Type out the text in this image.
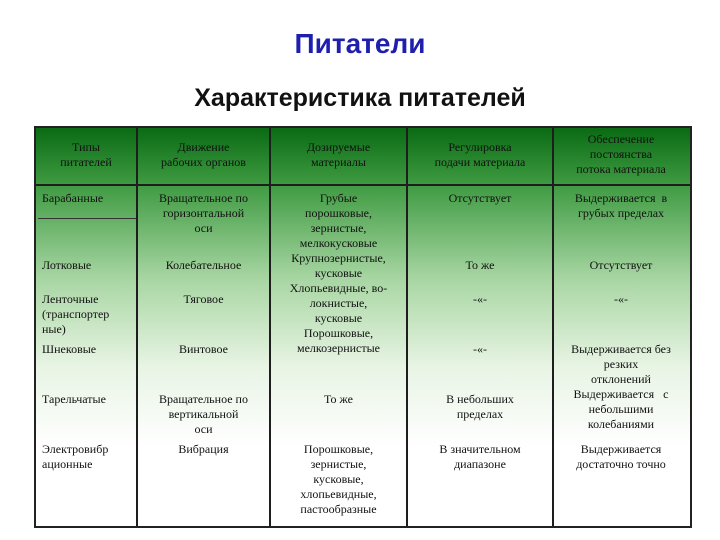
Питатели
Характеристика питателей
Типы
питателей
Движение
рабочих органов
Дозируемые
материалы
Регулировка
подачи материала
Обеспечение
постоянства
потока материала
Барабанные
Лотковые
Ленточные
(транспортер
ные)
Шнековые
Тарельчатые
Электровибр
ационные
Вращательное по
горизонтальной
оси
Колебательное
Тяговое
Винтовое
Вращательное по
вертикальной
оси
Вибрация
Грубые
порошковые,
зернистые,
мелкокусковые
Крупнозернистые,
кусковые
Хлопьевидные, во-
локнистые,
кусковые
Порошковые,
мелкозернистые
То же
Порошковые,
зернистые,
кусковые,
хлопьевидные,
пастообразные
Отсутствует
То же
-«-
-«-
В небольших
пределах
В значительном
диапазоне
Выдерживается  в
грубых пределах
Отсутствует
-«-
Выдерживается без
резких
отклонений
Выдерживается   с
небольшими
колебаниями
Выдерживается
достаточно точно
